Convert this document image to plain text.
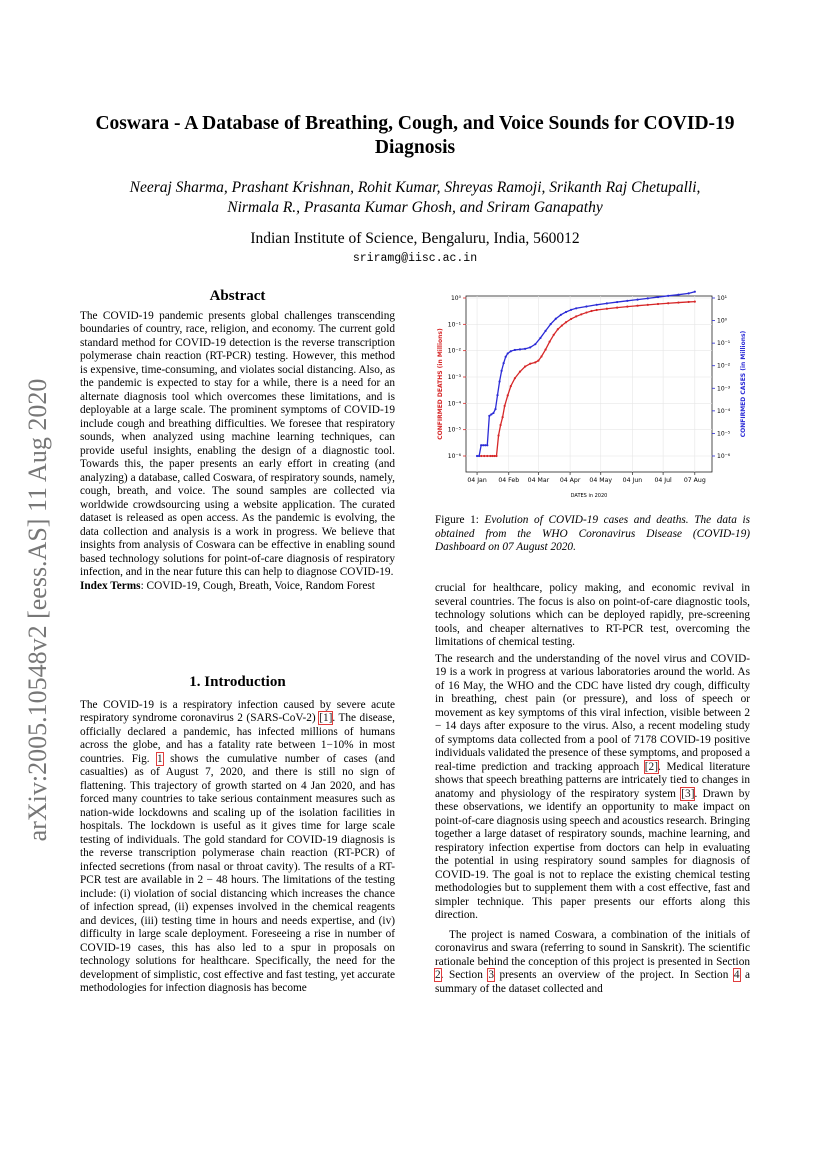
arXiv:2005.10548v2 [eess.AS] 11 Aug 2020
Coswara - A Database of Breathing, Cough, and Voice Sounds for COVID-19 Diagnosis
Neeraj Sharma, Prashant Krishnan, Rohit Kumar, Shreyas Ramoji, Srikanth Raj Chetupalli,
Nirmala R., Prasanta Kumar Ghosh, and Sriram Ganapathy
Indian Institute of Science, Bengaluru, India, 560012
sriramg@iisc.ac.in

Abstract

The COVID-19 pandemic presents global challenges transcending boundaries of country, race, religion, and economy. The current gold standard method for COVID-19 detection is the reverse transcription polymerase chain reaction (RT-PCR) testing. However, this method is expensive, time-consuming, and violates social distancing. Also, as the pandemic is expected to stay for a while, there is a need for an alternate diagnosis tool which overcomes these limitations, and is deployable at a large scale. The prominent symptoms of COVID-19 include cough and breathing difficulties. We foresee that respiratory sounds, when analyzed using machine learning techniques, can provide useful insights, enabling the design of a diagnostic tool. Towards this, the paper presents an early effort in creating (and analyzing) a database, called Coswara, of respiratory sounds, namely, cough, breath, and voice. The sound samples are collected via worldwide crowdsourcing using a website application. The curated dataset is released as open access. As the pandemic is evolving, the data collection and analysis is a work in progress. We believe that insights from analysis of Coswara can be effective in enabling sound based technology solutions for point-of-care diagnosis of respiratory infection, and in the near future this can help to diagnose COVID-19.

Index Terms: COVID-19, Cough, Breath, Voice, Random Forest

1. Introduction

The COVID-19 is a respiratory infection caused by severe acute respiratory syndrome coronavirus 2 (SARS-CoV-2) [1]. The disease, officially declared a pandemic, has infected millions of humans across the globe, and has a fatality rate between 1−10% in most countries. Fig. 1 shows the cumulative number of cases (and casualties) as of August 7, 2020, and there is still no sign of flattening. This trajectory of growth started on 4 Jan 2020, and has forced many countries to take serious containment measures such as nation-wide lockdowns and scaling up of the isolation facilities in hospitals. The lockdown is useful as it gives time for large scale testing of individuals. The gold standard for COVID-19 diagnosis is the reverse transcription polymerase chain reaction (RT-PCR) of infected secretions (from nasal or throat cavity). The results of a RT-PCR test are available in 2 − 48 hours. The limitations of the testing include: (i) violation of social distancing which increases the chance of infection spread, (ii) expenses involved in the chemical reagents and devices, (iii) testing time in hours and needs expertise, and (iv) difficulty in large scale deployment. Foreseeing a rise in number of COVID-19 cases, this has also led to a spur in proposals on technology solutions for healthcare. Specifically, the need for the development of simplistic, cost effective and fast testing, yet accurate methodologies for infection diagnosis has become

04 Jan 04 Feb 04 Mar 04 Apr 04 May 04 Jun 04 Jul 07 Aug
10⁰
10⁻¹
10⁻²
10⁻³
10⁻⁴
10⁻⁵
10⁻⁶
10¹
10⁰
10⁻¹
10⁻²
10⁻³
10⁻⁴
10⁻⁵
10⁻⁶
DATES in 2020
CONFIRMED DEATHS (in Millions)	CONFIRMED CASES (in Millions)
Figure 1: Evolution of COVID-19 cases and deaths. The data is obtained from the WHO Coronavirus Disease (COVID-19) Dashboard on 07 August 2020.

crucial for healthcare, policy making, and economic revival in several countries. The focus is also on point-of-care diagnostic tools, technology solutions which can be deployed rapidly, pre-screening tools, and cheaper alternatives to RT-PCR test, overcoming the limitations of chemical testing.

The research and the understanding of the novel virus and COVID-19 is a work in progress at various laboratories around the world. As of 16 May, the WHO and the CDC have listed dry cough, difficulty in breathing, chest pain (or pressure), and loss of speech or movement as key symptoms of this viral infection, visible between 2 − 14 days after exposure to the virus. Also, a recent modeling study of symptoms data collected from a pool of 7178 COVID-19 positive individuals validated the presence of these symptoms, and proposed a real-time prediction and tracking approach [2]. Medical literature shows that speech breathing patterns are intricately tied to changes in anatomy and physiology of the respiratory system [3]. Drawn by these observations, we identify an opportunity to make impact on point-of-care diagnosis using speech and acoustics research. Bringing together a large dataset of respiratory sounds, machine learning, and respiratory infection expertise from doctors can help in evaluating the potential in using respiratory sound samples for diagnosis of COVID-19. The goal is not to replace the existing chemical testing methodologies but to supplement them with a cost effective, fast and simpler technique. This paper presents our efforts along this direction.

The project is named Coswara, a combination of the initials of coronavirus and swara (referring to sound in Sanskrit). The scientific rationale behind the conception of this project is presented in Section 2. Section 3 presents an overview of the project. In Section 4 a summary of the dataset collected and
